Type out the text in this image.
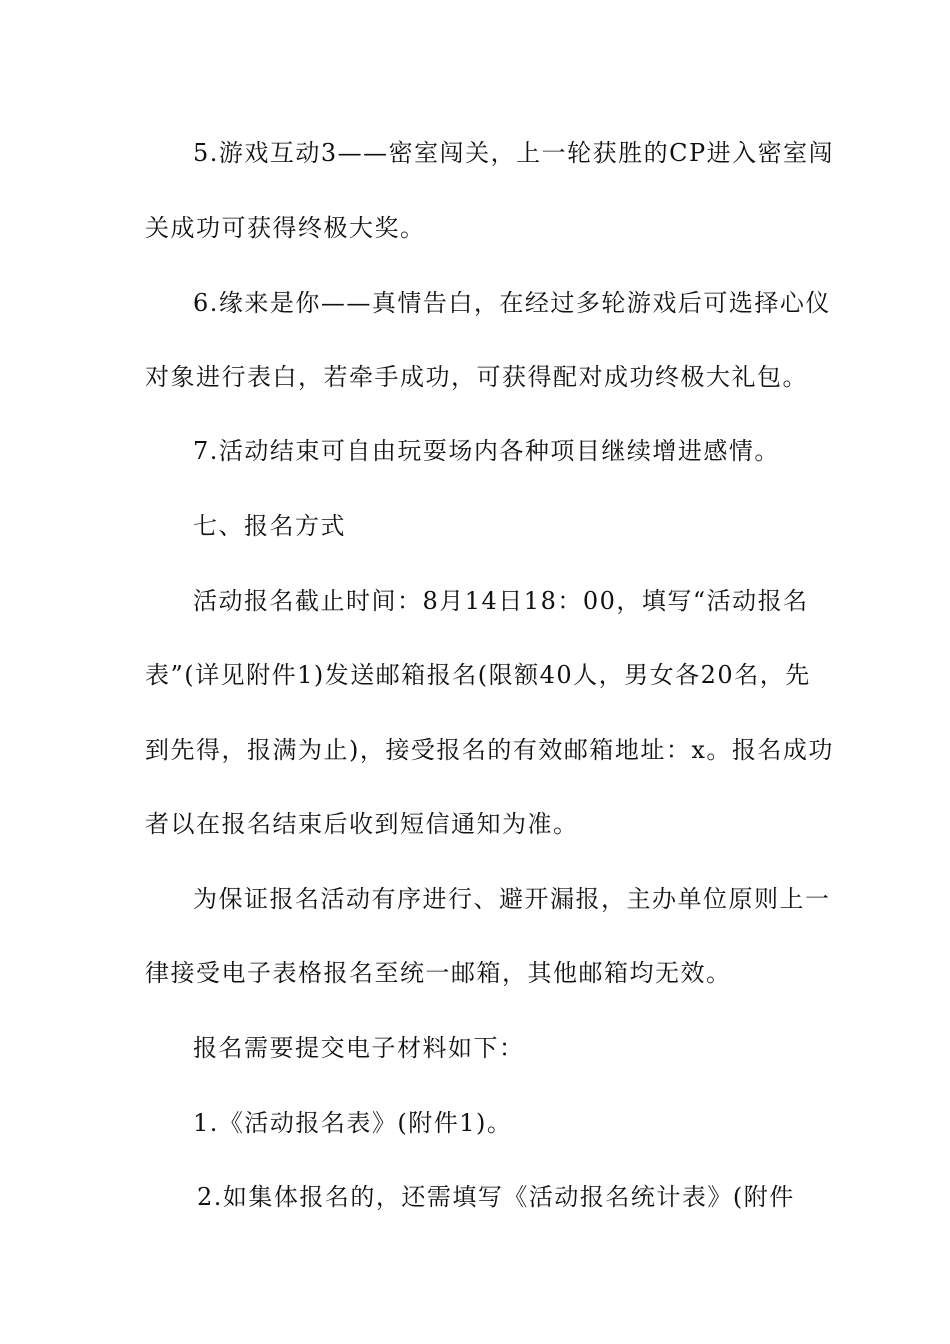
5.游戏互动3——密室闯关，上一轮获胜的CP进入密室闯
关成功可获得终极大奖。
6.缘来是你——真情告白，在经过多轮游戏后可选择心仪
对象进行表白，若牵手成功，可获得配对成功终极大礼包。
7.活动结束可自由玩耍场内各种项目继续增进感情。
七、报名方式
活动报名截止时间：8月14日18：00，填写“活动报名
表”(详见附件1)发送邮箱报名(限额40人，男女各20名，先
到先得，报满为止)，接受报名的有效邮箱地址：x。报名成功
者以在报名结束后收到短信通知为准。
为保证报名活动有序进行、避开漏报，主办单位原则上一
律接受电子表格报名至统一邮箱，其他邮箱均无效。
报名需要提交电子材料如下：
1.《活动报名表》(附件1)。
2.如集体报名的，还需填写《活动报名统计表》(附件
